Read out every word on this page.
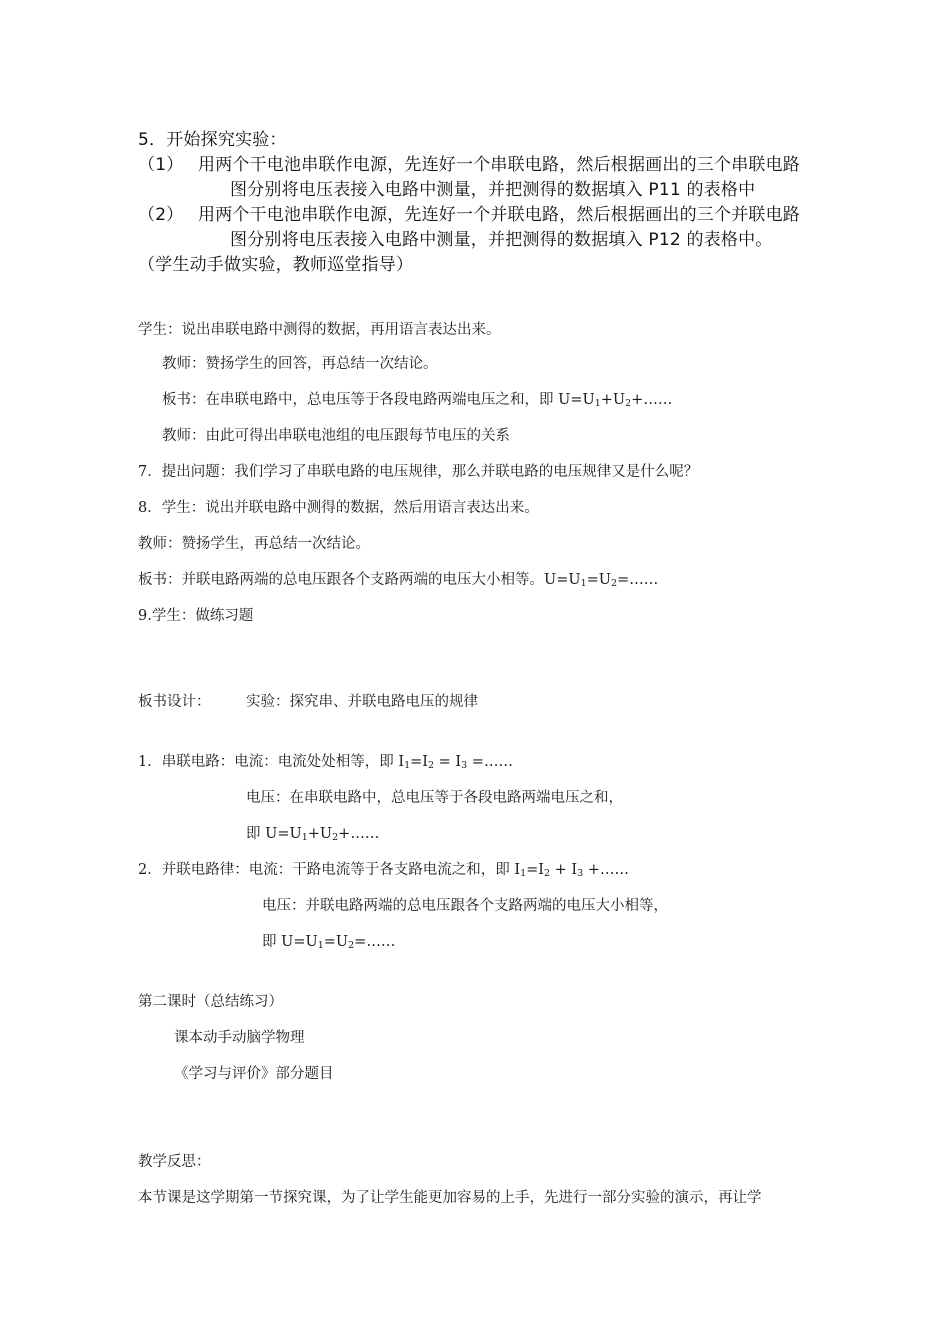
5．开始探究实验：
（1） 用两个干电池串联作电源，先连好一个串联电路，然后根据画出的三个串联电路
图分别将电压表接入电路中测量，并把测得的数据填入 P11 的表格中
（2） 用两个干电池串联作电源，先连好一个并联电路，然后根据画出的三个并联电路
图分别将电压表接入电路中测量，并把测得的数据填入 P12 的表格中。
（学生动手做实验，教师巡堂指导）
学生：说出串联电路中测得的数据，再用语言表达出来。
教师：赞扬学生的回答，再总结一次结论。
板书：在串联电路中，总电压等于各段电路两端电压之和，即 $U=U_1+U_2+\dots\dots$
教师：由此可得出串联电池组的电压跟每节电压的关系
7．提出问题：我们学习了串联电路的电压规律，那么并联电路的电压规律又是什么呢？
8．学生：说出并联电路中测得的数据，然后用语言表达出来。
教师：赞扬学生，再总结一次结论。
板书：并联电路两端的总电压跟各个支路两端的电压大小相等。$U=U_1=U_2=\dots\dots$
9.学生：做练习题
板书设计： 实验：探究串、并联电路电压的规律
1．串联电路：电流：电流处处相等，即 $I_1=I_2 = I_3$ =……
电压：在串联电路中，总电压等于各段电路两端电压之和，
即 $U=U_1+U_2+\dots\dots$
2．并联电路律：电流：干路电流等于各支路电流之和，即 $I_1=I_2 + I_3$ +……
电压：并联电路两端的总电压跟各个支路两端的电压大小相等，
即 $U=U_1=U_2=\dots\dots$
第二课时（总结练习）
课本动手动脑学物理
《学习与评价》部分题目
教学反思：
本节课是这学期第一节探究课，为了让学生能更加容易的上手，先进行一部分实验的演示，再让学
